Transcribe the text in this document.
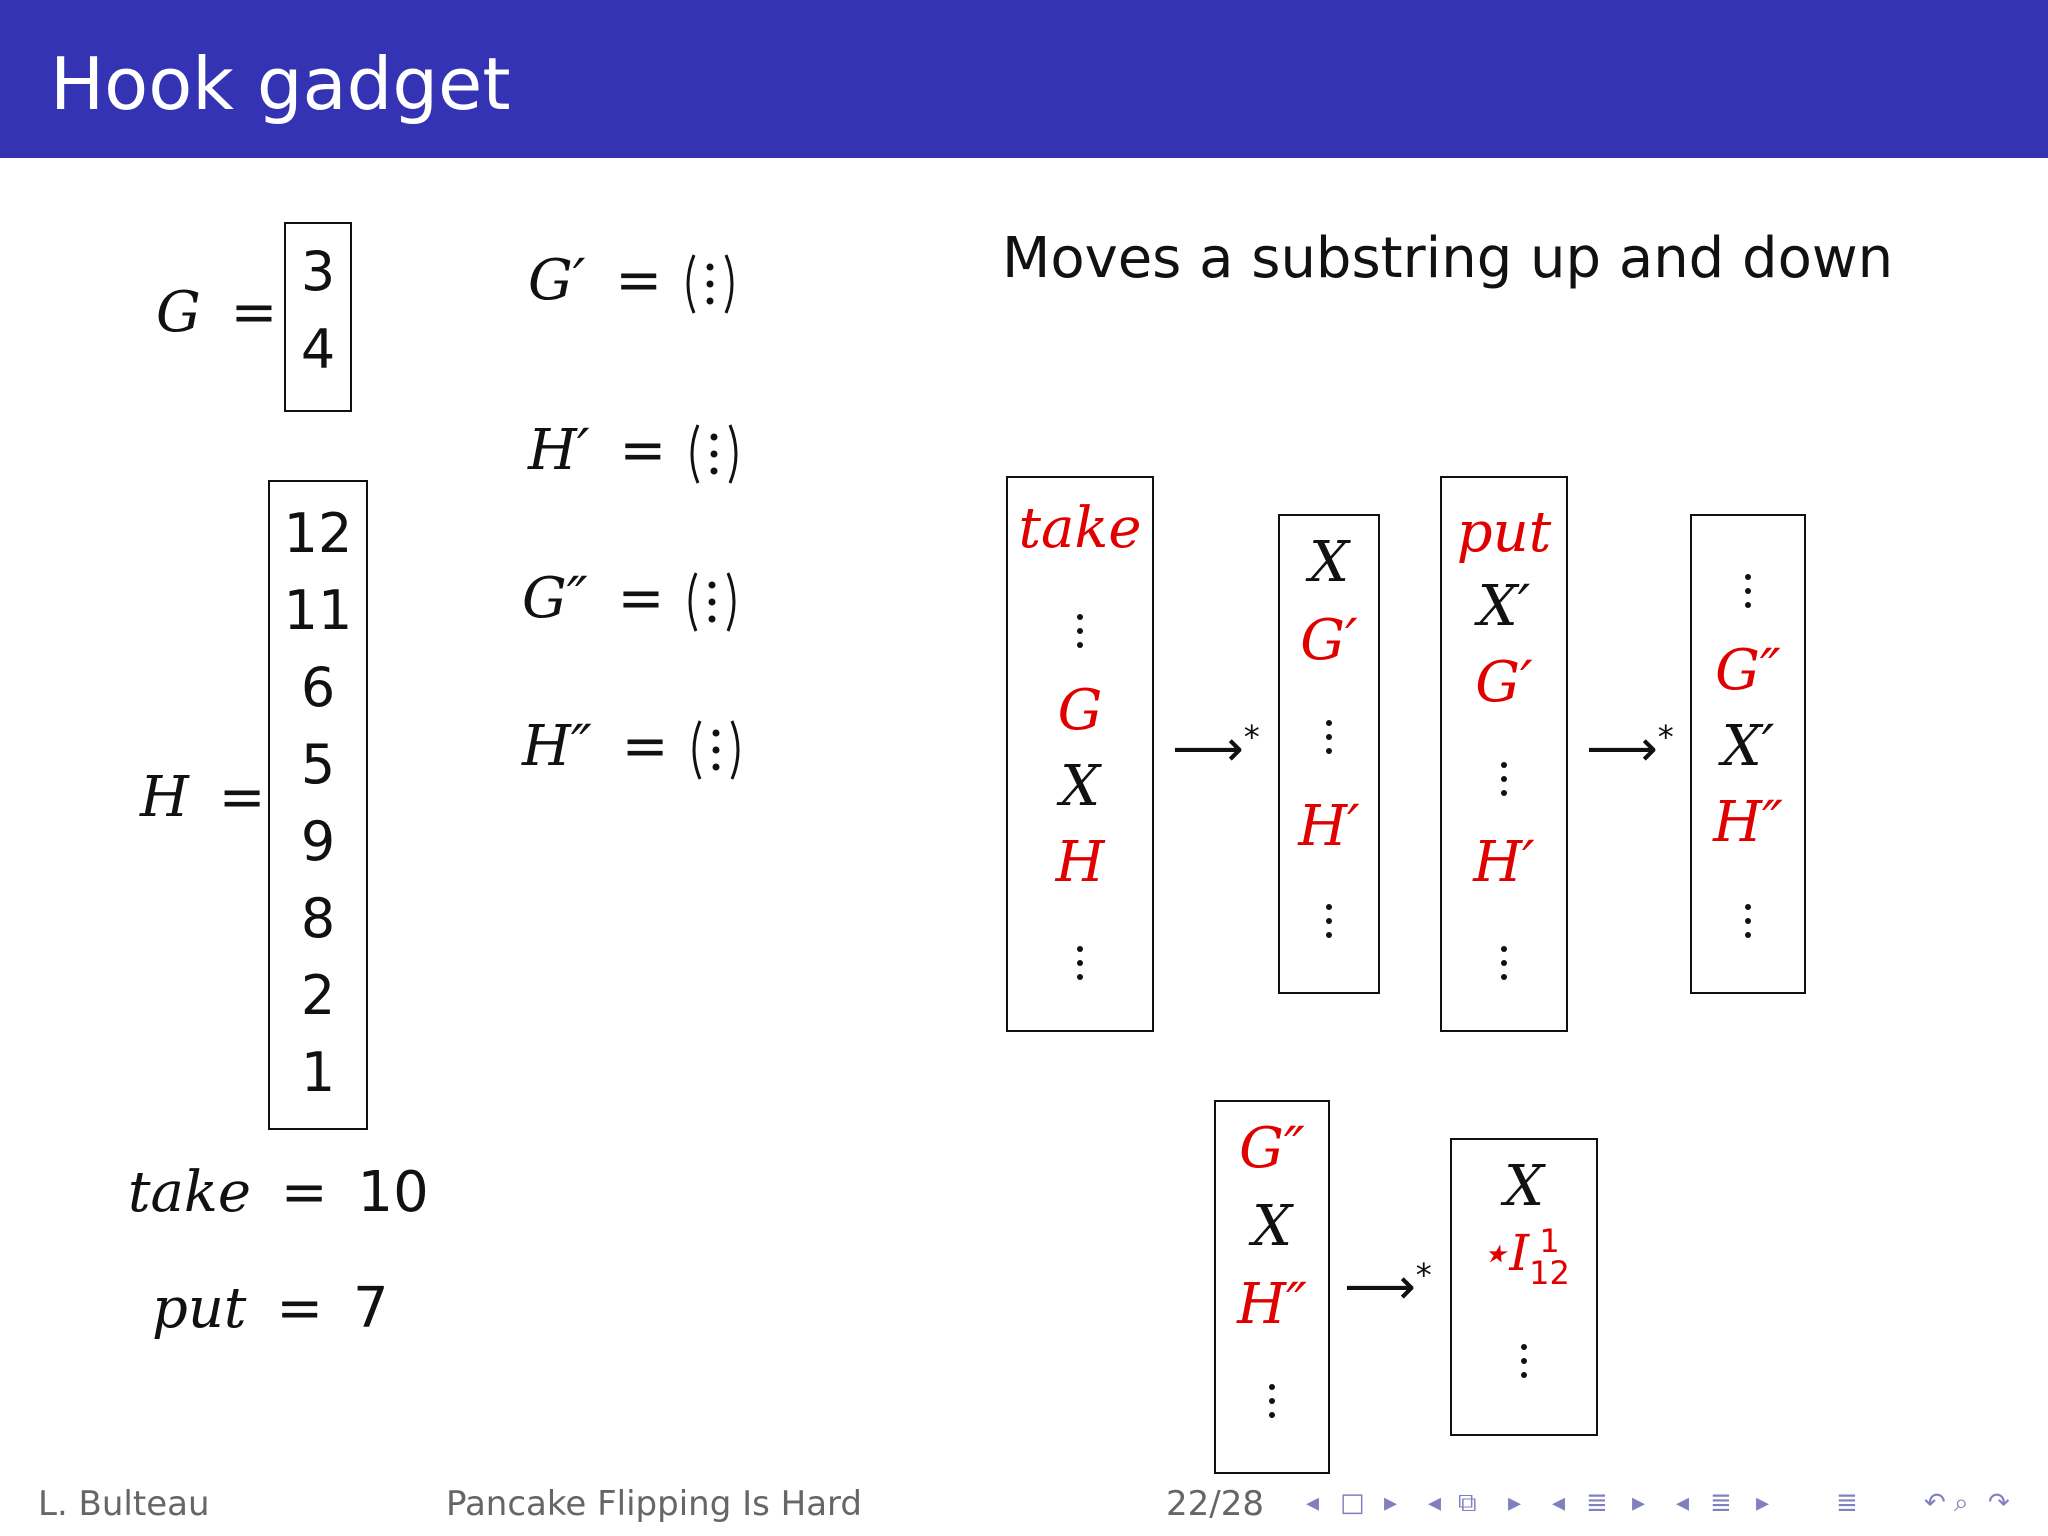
Hook gadget
G =
3
4
H =
12
11
6
5
9
8
2
1
take = 10
put = 7
G′ =
H′ =
G″ =
H″ =
Moves a substring up and down
take
G
X
H
⟶*
X
G′
H′
put
X′
G′
H′
⟶*
G″
X′
H″
G″
X
H″ ⟶*
X
⋆I 1
12
L. Bulteau	Pancake Flipping Is Hard	22/28 ◂ □ ▸ ◂ ⧉ ▸ ◂ ≣ ▸ ◂ ≣ ▸	≣	↶ ⌕ ↷
